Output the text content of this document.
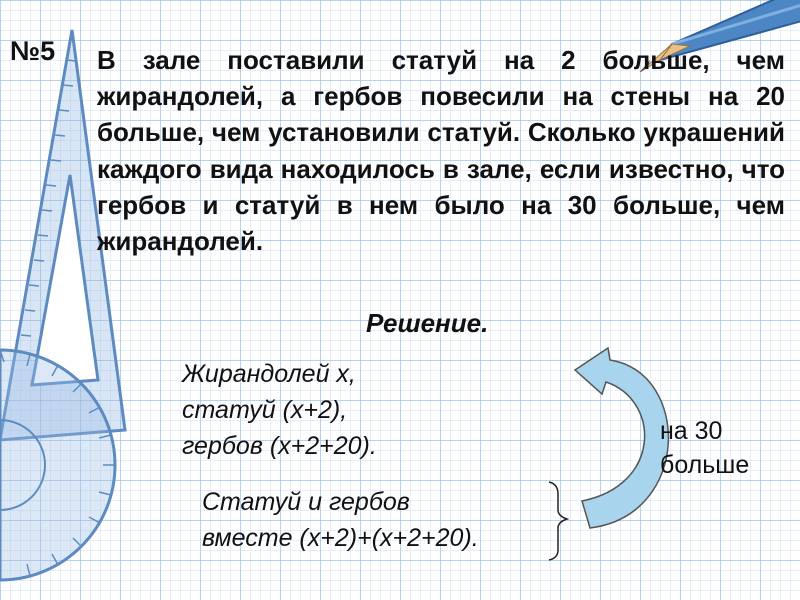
№5 В зале поставили статуй на 2 больше, чем жирандолей, а гербов повесили на стены на 20 больше, чем установили статуй. Сколько украшений каждого вида находилось в зале, если известно, что гербов и статуй в нем было на 30 больше, чем жирандолей.

Решение.
Жирандолей x,
статуй (x+2),
гербов (x+2+20).
Статуй и гербов
вместе (x+2)+(x+2+20).
на 30
больше
